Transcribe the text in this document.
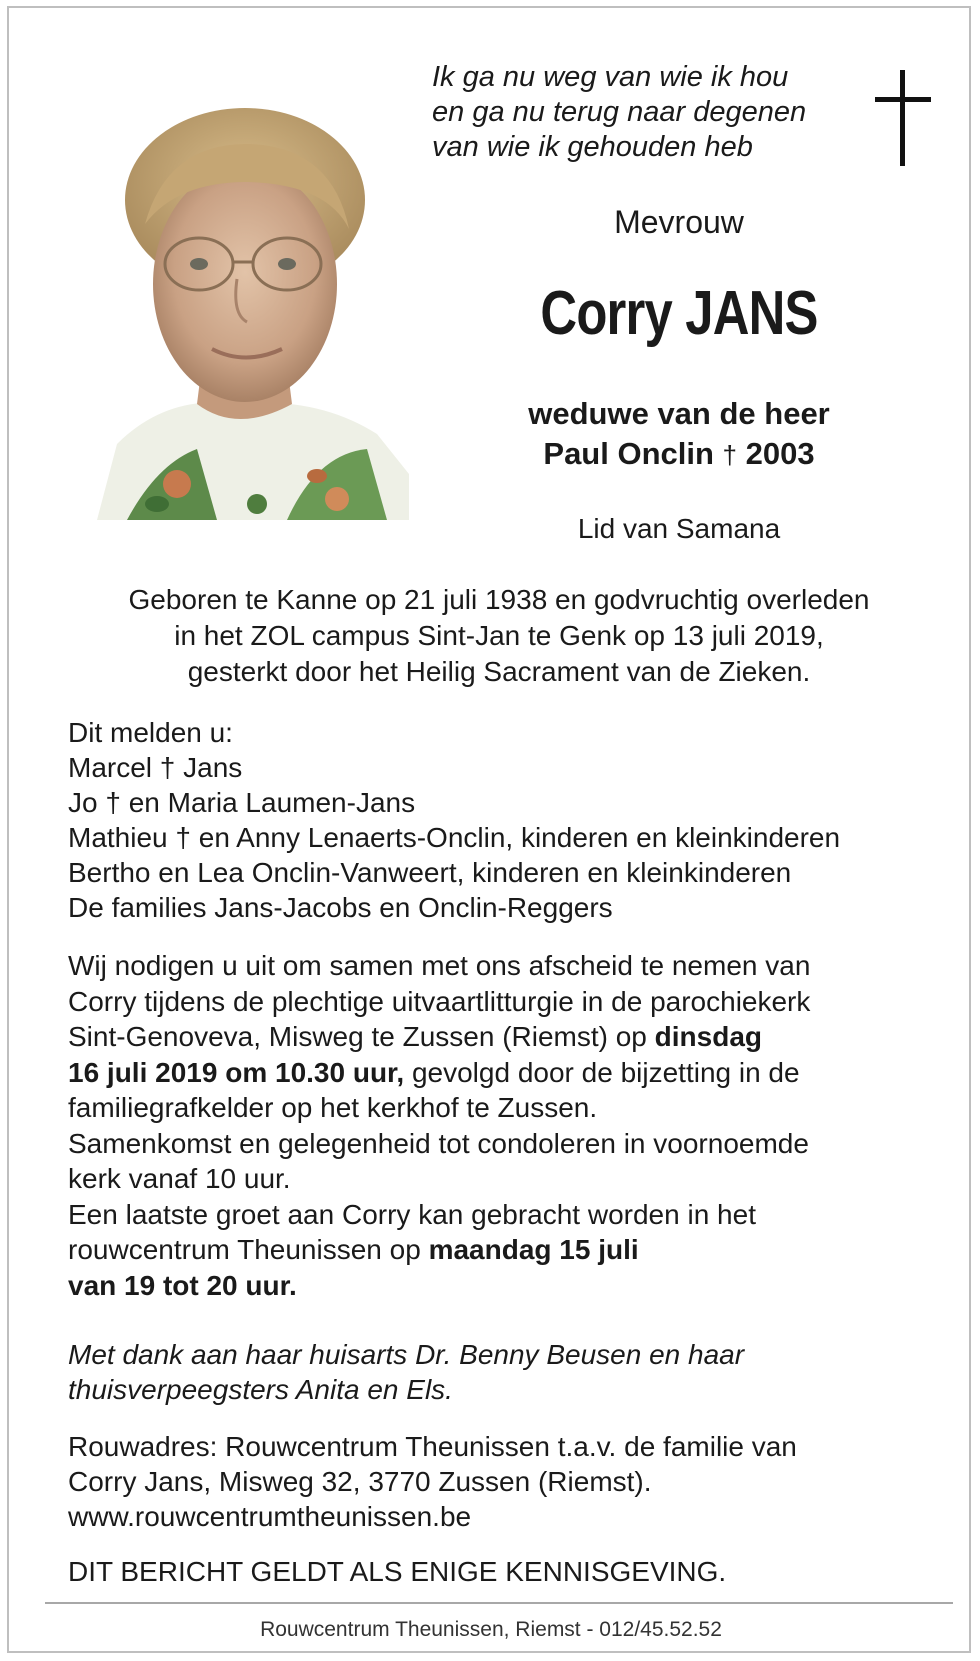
Ik ga nu weg van wie ik hou
en ga nu terug naar degenen
van wie ik gehouden heb
Mevrouw
Corry JANS
weduwe van de heer
Paul Onclin † 2003
Lid van Samana
Geboren te Kanne op 21 juli 1938 en godvruchtig overleden
in het ZOL campus Sint-Jan te Genk op 13 juli 2019,
gesterkt door het Heilig Sacrament van de Zieken.
Dit melden u:
Marcel † Jans
Jo † en Maria Laumen-Jans
Mathieu † en Anny Lenaerts-Onclin, kinderen en kleinkinderen
Bertho en Lea Onclin-Vanweert, kinderen en kleinkinderen
De families Jans-Jacobs en Onclin-Reggers
Wij nodigen u uit om samen met ons afscheid te nemen van
Corry tijdens de plechtige uitvaartlitturgie in de parochiekerk
Sint-Genoveva, Misweg te Zussen (Riemst) op dinsdag
16 juli 2019 om 10.30 uur, gevolgd door de bijzetting in de
familiegrafkelder op het kerkhof te Zussen.
Samenkomst en gelegenheid tot condoleren in voornoemde
kerk vanaf 10 uur.
Een laatste groet aan Corry kan gebracht worden in het
rouwcentrum Theunissen op maandag 15 juli
van 19 tot 20 uur.
Met dank aan haar huisarts Dr. Benny Beusen en haar
thuisverpeegsters Anita en Els.
Rouwadres: Rouwcentrum Theunissen t.a.v. de familie van
Corry Jans, Misweg 32, 3770 Zussen (Riemst).
www.rouwcentrumtheunissen.be
DIT BERICHT GELDT ALS ENIGE KENNISGEVING.
Rouwcentrum Theunissen, Riemst - 012/45.52.52
